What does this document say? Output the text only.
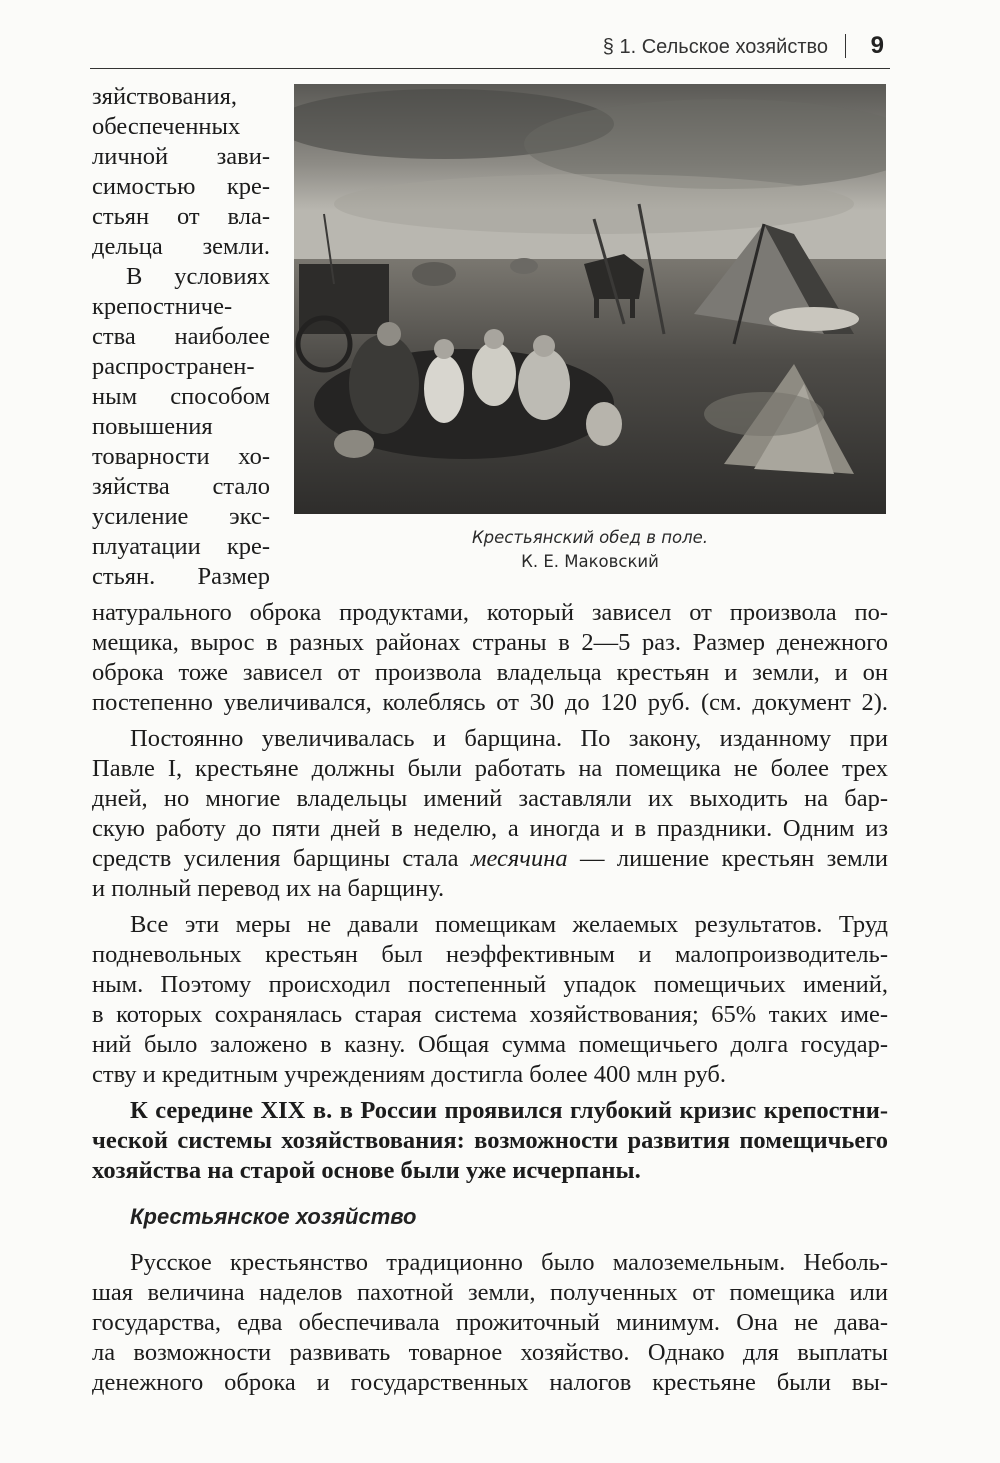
§ 1. Сельское хозяйство 9

Крестьянский обед в поле.

К. Е. Маковский

зяйствования,

обеспеченных

личной зави-

симостью кре-

стьян от вла-

дельца земли.

В условиях

крепостниче-

ства наиболее

распространен-

ным способом

повышения

товарности хо-

зяйства стало

усиление экс-

плуатации кре-

стьян. Размер

натурального оброка продуктами, который зависел от произвола по-

мещика, вырос в разных районах страны в 2—5 раз. Размер денежного

оброка тоже зависел от произвола владельца крестьян и земли, и он

постепенно увеличивался, колеблясь от 30 до 120 руб. (см. документ 2).

Постоянно увеличивалась и барщина. По закону, изданному при

Павле I, крестьяне должны были работать на помещика не более трех

дней, но многие владельцы имений заставляли их выходить на бар-

скую работу до пяти дней в неделю, а иногда и в праздники. Одним из

средств усиления барщины стала месячина — лишение крестьян земли

и полный перевод их на барщину.

Все эти меры не давали помещикам желаемых результатов. Труд

подневольных крестьян был неэффективным и малопроизводитель-

ным. Поэтому происходил постепенный упадок помещичьих имений,

в которых сохранялась старая система хозяйствования; 65% таких име-

ний было заложено в казну. Общая сумма помещичьего долга государ-

ству и кредитным учреждениям достигла более 400 млн руб.

К середине XIX в. в России проявился глубокий кризис крепостни-

ческой системы хозяйствования: возможности развития помещичьего

хозяйства на старой основе были уже исчерпаны.

Крестьянское хозяйство

Русское крестьянство традиционно было малоземельным. Неболь-

шая величина наделов пахотной земли, полученных от помещика или

государства, едва обеспечивала прожиточный минимум. Она не дава-

ла возможности развивать товарное хозяйство. Однако для выплаты

денежного оброка и государственных налогов крестьяне были вы-
